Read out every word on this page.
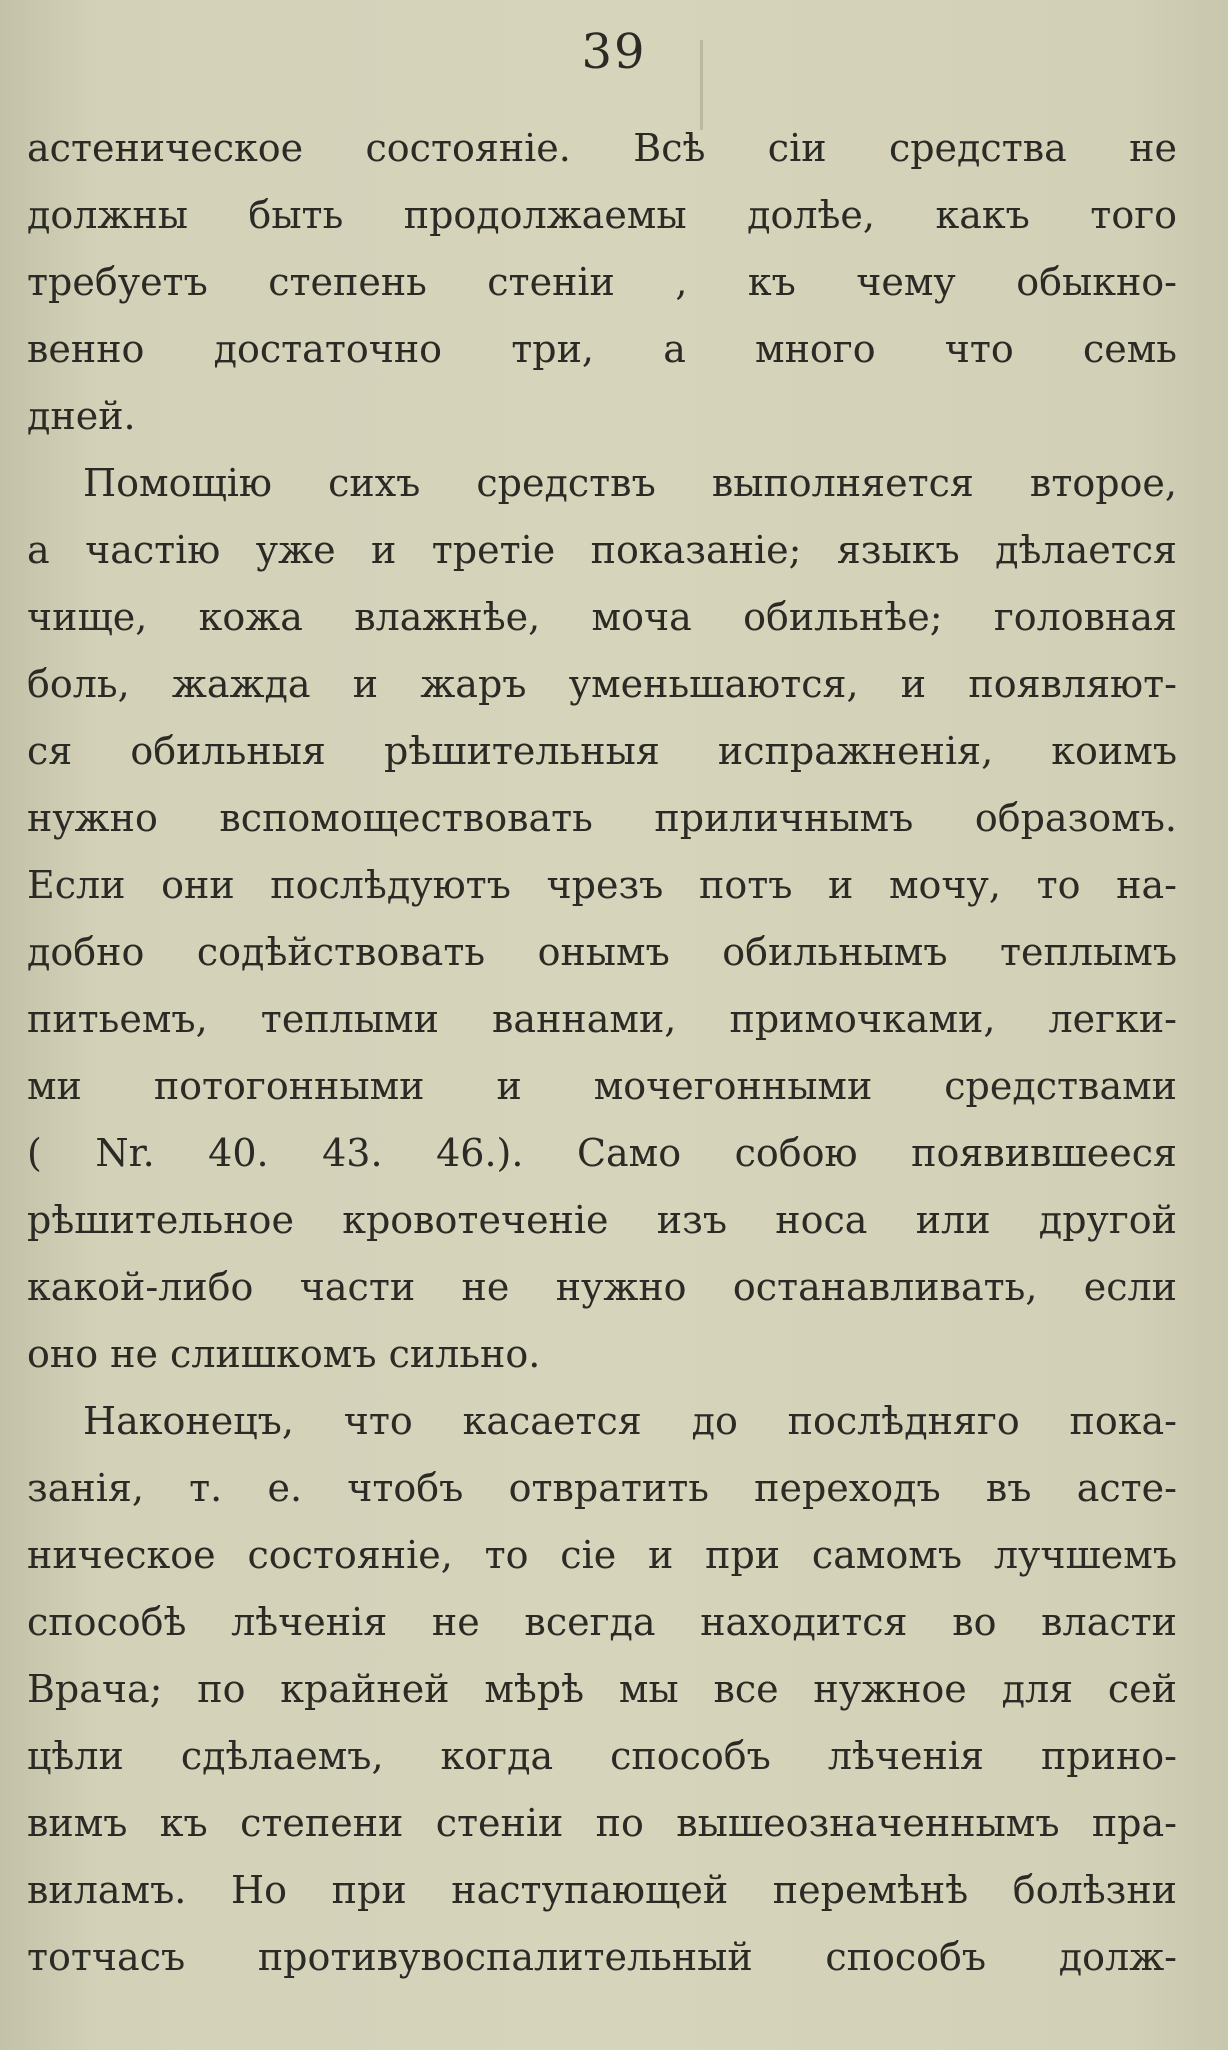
39
астеническое состояніе. Всѣ сіи средства не
должны быть продолжаемы долѣе, какъ того
требуетъ степень стеніи , къ чему обыкно-
венно достаточно три, а много что семь
дней.
Помощію сихъ средствъ выполняется второе,
а частію уже и третіе показаніе; языкъ дѣлается
чище, кожа влажнѣе, моча обильнѣе; головная
боль, жажда и жаръ уменьшаются, и появляют-
ся обильныя рѣшительныя испражненія, коимъ
нужно вспомоществовать приличнымъ образомъ.
Если они послѣдуютъ чрезъ потъ и мочу, то на-
добно содѣйствовать онымъ обильнымъ теплымъ
питьемъ, теплыми ваннами, примочками, легки-
ми потогонными и мочегонными средствами
( Nr. 40. 43. 46.). Само собою появившееся
рѣшительное кровотеченіе изъ носа или другой
какой-либо части не нужно останавливать, если
оно не слишкомъ сильно.
Наконецъ, что касается до послѣдняго пока-
занія, т. е. чтобъ отвратить переходъ въ асте-
ническое состояніе, то сіе и при самомъ лучшемъ
способѣ лѣченія не всегда находится во власти
Врача; по крайней мѣрѣ мы все нужное для сей
цѣли сдѣлаемъ, когда способъ лѣченія прино-
вимъ къ степени стеніи по вышеозначеннымъ пра-
виламъ. Но при наступающей перемѣнѣ болѣзни
тотчасъ противувоспалительный способъ долж-
